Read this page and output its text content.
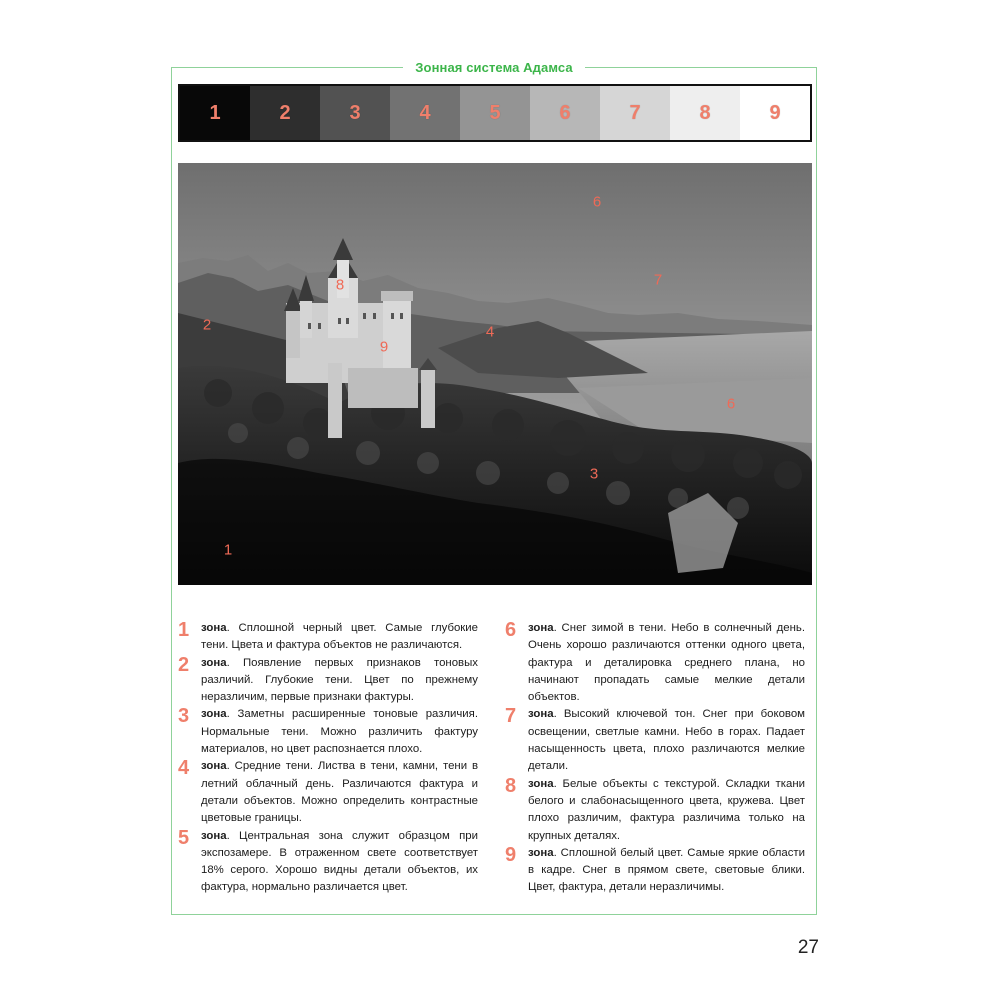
Зонная система Адамса
1	2	3	4	5	6	7	8	9
6
7
8
2	4
9
6
3
1
1 зона. Сплошной черный цвет. Самые глубокие тени. Цвета и фактура объектов не различаются.
2 зона. Появление первых признаков тоновых различий. Глубокие тени. Цвет по прежнему неразличим, первые признаки фактуры.
3 зона. Заметны расширенные тоновые различия. Нормальные тени. Можно различить фактуру материалов, но цвет распознается плохо.
4 зона. Средние тени. Листва в тени, камни, тени в летний облачный день. Различаются фактура и детали объектов. Можно определить контрастные цветовые границы.
5 зона. Центральная зона служит образцом при экспозамере. В отраженном свете соответствует 18% серого. Хорошо видны детали объектов, их фактура, нормально различается цвет.
6 зона. Снег зимой в тени. Небо в солнечный день. Очень хорошо различаются оттенки одного цвета, фактура и деталировка среднего плана, но начинают пропадать самые мелкие детали объектов.
7 зона. Высокий ключевой тон. Снег при боковом освещении, светлые камни. Небо в горах. Падает насыщенность цвета, плохо различаются мелкие детали.
8 зона. Белые объекты с текстурой. Складки ткани белого и слабонасыщенного цвета, кружева. Цвет плохо различим, фактура различима только на крупных деталях.
9 зона. Сплошной белый цвет. Самые яркие области в кадре. Снег в прямом свете, световые блики. Цвет, фактура, детали неразличимы.
27
